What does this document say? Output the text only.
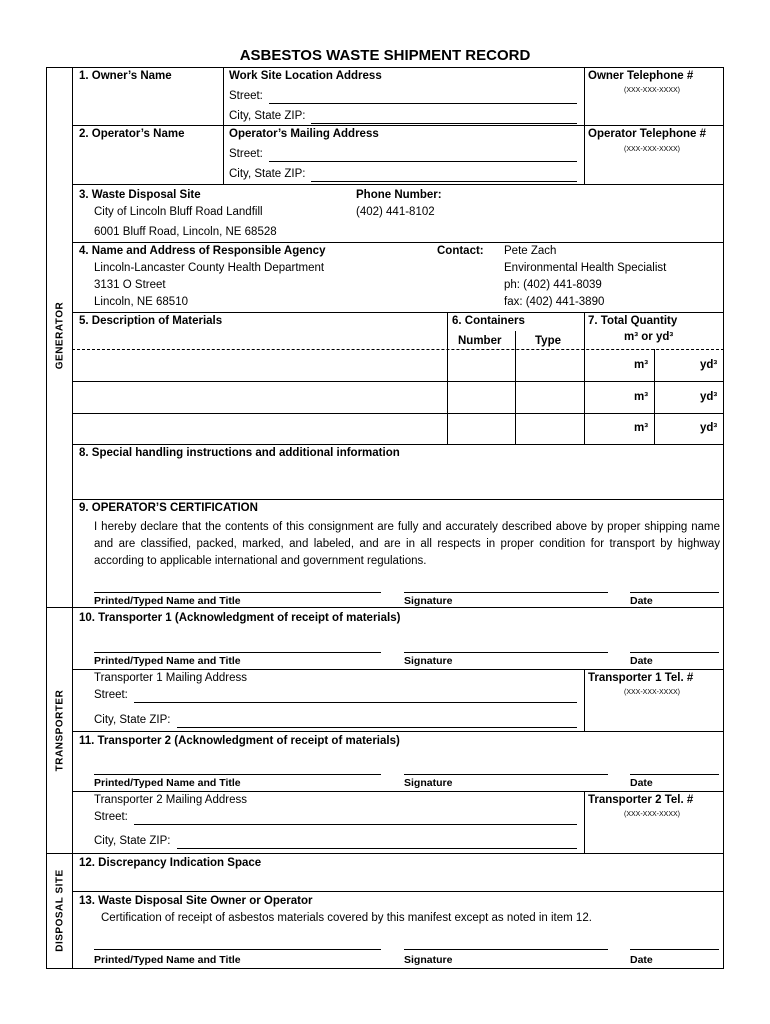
ASBESTOS WASTE SHIPMENT RECORD
GENERATOR
TRANSPORTER
DISPOSAL SITE
1. Owner’s Name	Work Site Location Address
Street:
City, State ZIP:
Owner Telephone #
(XXX-XXX-XXXX)
2. Operator’s Name	Operator’s Mailing Address
Street:
City, State ZIP:
Operator Telephone #
(XXX-XXX-XXXX)
3. Waste Disposal Site
City of Lincoln Bluff Road Landfill
6001 Bluff Road, Lincoln, NE 68528
Phone Number:
(402) 441-8102
4. Name and Address of Responsible Agency
Lincoln-Lancaster County Health Department
3131 O Street
Lincoln, NE 68510
Contact: Pete Zach
Environmental Health Specialist
ph: (402) 441-8039
fax: (402) 441-3890
5. Description of Materials	6. Containers
Number	Type
7. Total Quantity
m³ or yd³
m³	yd³
m³	yd³
m³	yd³
8. Special handling instructions and additional information
9. OPERATOR’S CERTIFICATION
I hereby declare that the contents of this consignment are fully and accurately described above by proper shipping name and are classified, packed, marked, and labeled, and are in all respects in proper condition for transport by highway according to applicable international and government regulations.
Printed/Typed Name and Title	Signature	Date
10. Transporter 1 (Acknowledgment of receipt of materials)
Printed/Typed Name and Title	Signature	Date
Transporter 1 Mailing Address
Street:
City, State ZIP:
Transporter 1 Tel. #
(XXX-XXX-XXXX)
11. Transporter 2 (Acknowledgment of receipt of materials)
Printed/Typed Name and Title	Signature	Date
Transporter 2 Mailing Address
Street:
City, State ZIP:
Transporter 2 Tel. #
(XXX-XXX-XXXX)
12. Discrepancy Indication Space
13. Waste Disposal Site Owner or Operator
Certification of receipt of asbestos materials covered by this manifest except as noted in item 12.
Printed/Typed Name and Title	Signature	Date
